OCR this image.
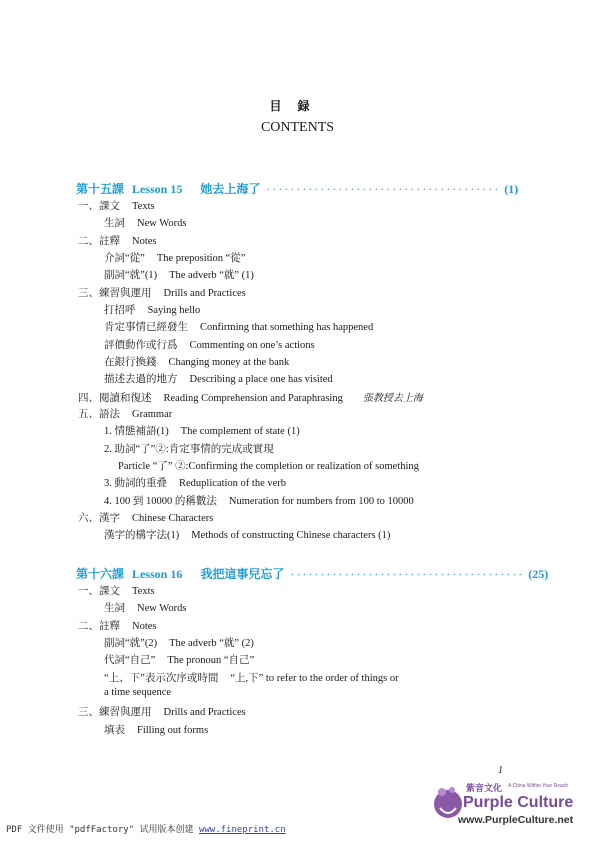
目録
CONTENTS
第十五課 Lesson 15 她去上海了 ······································· (1)
一、課文 Texts
生詞 New Words
二、註釋 Notes
介詞“從” The preposition “從”
副詞“就”(1) The adverb “就” (1)
三、練習與運用 Drills and Practices
打招呼 Saying hello
肯定事情已經發生 Confirming that something has happened
評價動作或行爲 Commenting on one’s actions
在銀行換錢 Changing money at the bank
描述去過的地方 Describing a place one has visited
四、閱讀和復述 Reading Comprehension and Paraphrasing 張教授去上海
五、語法 Grammar
1. 情態補語(1) The complement of state (1)
2. 助詞“了”②:肯定事情的完成或實現
Particle “了” ②:Confirming the completion or realization of something
3. 動詞的重叠 Reduplication of the verb
4. 100 到 10000 的稱數法 Numeration for numbers from 100 to 10000
六、漢字 Chinese Characters
漢字的構字法(1) Methods of constructing Chinese characters (1)
第十六課 Lesson 16 我把這事兒忘了 ······································· (25)
一、課文 Texts
生詞 New Words
二、註釋 Notes
副詞“就”(2) The adverb “就” (2)
代詞“自己” The pronoun “自己”
“上、下”表示次序或時間 “上,下” to refer to the order of things or
a time sequence
三、練習與運用 Drills and Practices
填表 Filling out forms
1
紫音文化 A China Within Your Reach
Purple Culture
www.PurpleCulture.net
PDF 文件使用 "pdfFactory" 试用版本创建 www.fineprint.cn
